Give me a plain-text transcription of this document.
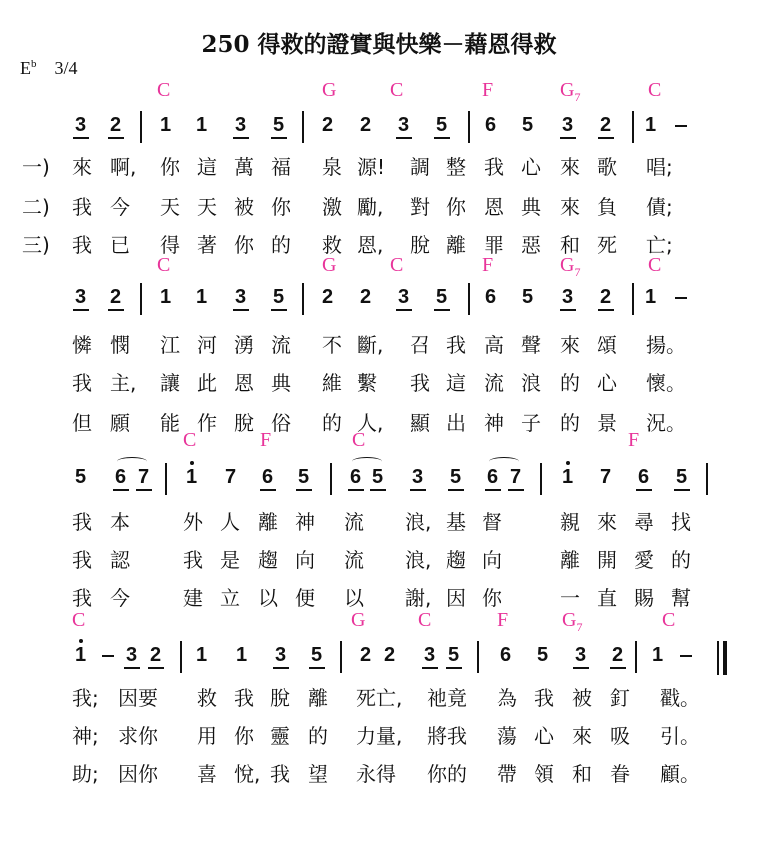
250 得救的證實與快樂－藉恩得救
$E^b$ 3/4
C	G	C	F	$G_7$	C
3 2 1 1 3 5 2 2 3 5 6 5 3 2 1
C	G	C	F	$G_7$	C
3 2 1 1 3 5 2 2 3 5 6 5 3 2 1
一)
二)
三)
來 啊, 你 這 萬 福 泉 源! 調 整 我 心 來 歌 唱;
我 今 天 天 被 你 激 勵, 對 你 恩 典 來 負 債;
我 已 得 著 你 的 救 恩, 脫 離 罪 惡 和 死 亡;
憐 憫 江 河 湧 流 不 斷, 召 我 高 聲 來 頌 揚。
我 主, 讓 此 恩 典 維 繫 我 這 流 浪 的 心 懷。
但 願 能 作 脫 俗 的 人, 顯 出 神 子 的 景 況。
C	F	C	F
5 6 7 1 7 6 5 6 5 3 5 6 7 1 7 6 5
我 本	外 人 離 神 流 浪, 基 督	親 來 尋 找
我 認	我 是 趨 向 流 浪, 趨 向	離 開 愛 的
我 今	建 立 以 便 以 謝, 因 你	一 直 賜 幫
C	G	C	F	$G_7$	C
1 3 2 1 1 3 5 2 2 3 5 6 5 3 2 1
我; 因要 救 我 脫 離 死亡, 祂竟 為 我 被 釘 戳。
神; 求你 用 你 靈 的 力量, 將我 蕩 心 來 吸 引。
助; 因你 喜 悅, 我 望 永得 你的 帶 領 和 眷 顧。
